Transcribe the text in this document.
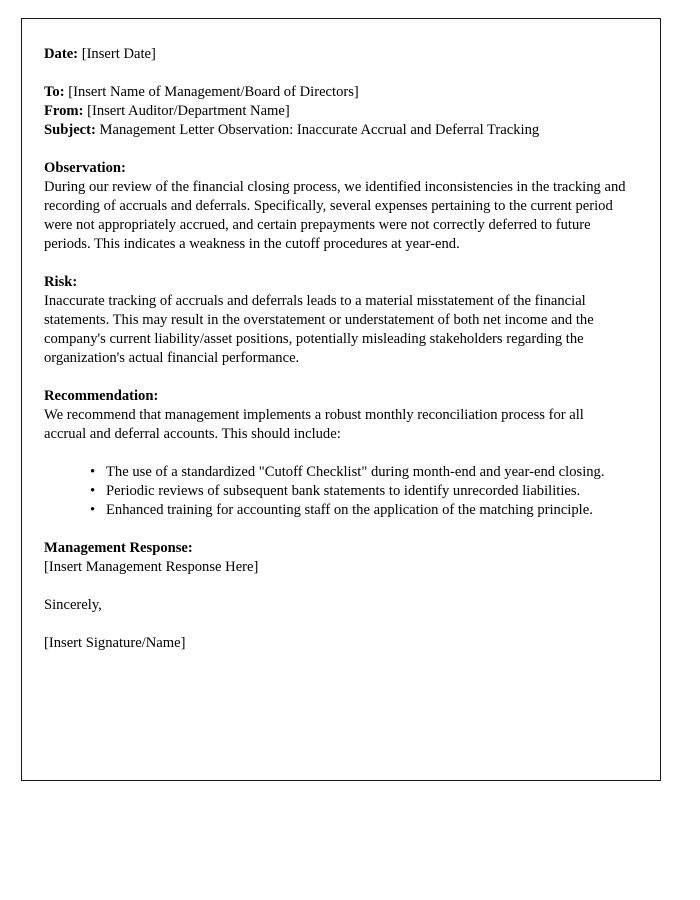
Date: [Insert Date]

To: [Insert Name of Management/Board of Directors]

From: [Insert Auditor/Department Name]

Subject: Management Letter Observation: Inaccurate Accrual and Deferral Tracking

Observation:

During our review of the financial closing process, we identified inconsistencies in the tracking and recording of accruals and deferrals. Specifically, several expenses pertaining to the current period were not appropriately accrued, and certain prepayments were not correctly deferred to future periods. This indicates a weakness in the cutoff procedures at year-end.

Risk:

Inaccurate tracking of accruals and deferrals leads to a material misstatement of the financial statements. This may result in the overstatement or understatement of both net income and the company's current liability/asset positions, potentially misleading stakeholders regarding the organization's actual financial performance.

Recommendation:

We recommend that management implements a robust monthly reconciliation process for all accrual and deferral accounts. This should include:

• The use of a standardized "Cutoff Checklist" during month-end and year-end closing.
• Periodic reviews of subsequent bank statements to identify unrecorded liabilities.
• Enhanced training for accounting staff on the application of the matching principle.

Management Response:

[Insert Management Response Here]

Sincerely,

[Insert Signature/Name]
